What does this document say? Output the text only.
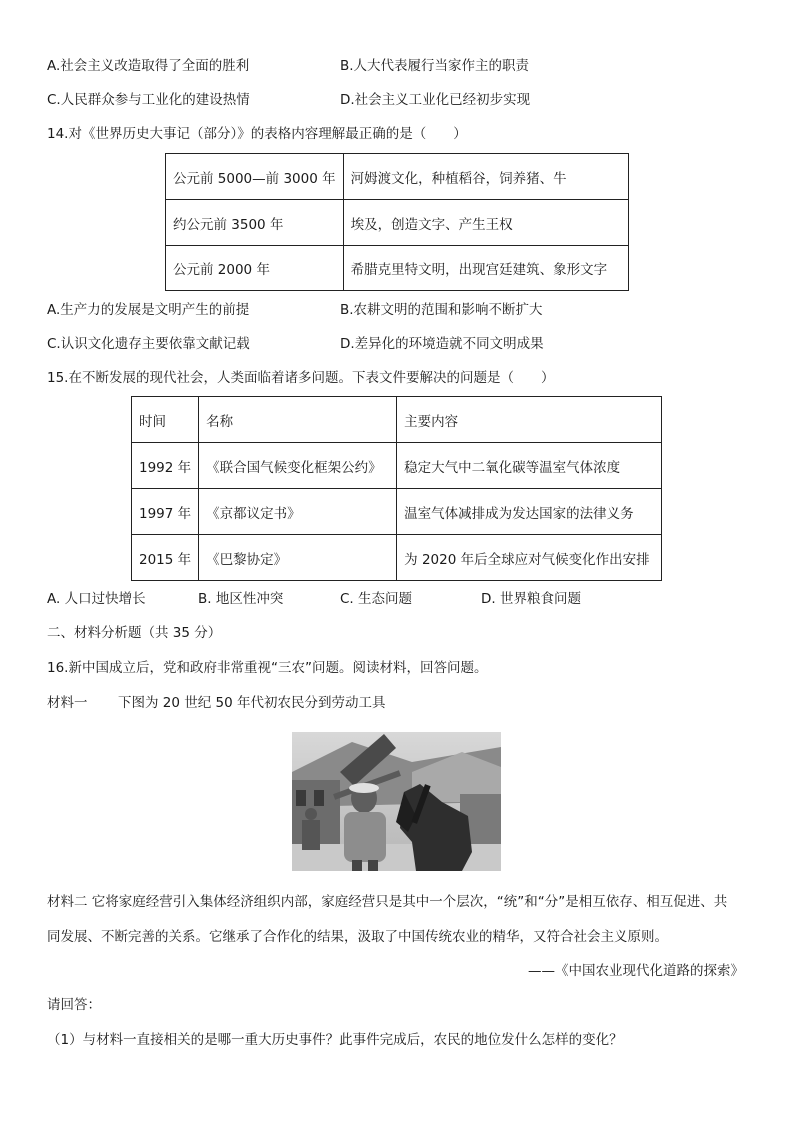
A.社会主义改造取得了全面的胜利	B.人大代表履行当家作主的职责
C.人民群众参与工业化的建设热情	D.社会主义工业化已经初步实现
14.对《世界历史大事记（部分）》的表格内容理解最正确的是（　　）
公元前 5000—前 3000 年	河姆渡文化，种植稻谷，饲养猪、牛
约公元前 3500 年	埃及，创造文字、产生王权
公元前 2000 年	希腊克里特文明，出现宫廷建筑、象形文字
A.生产力的发展是文明产生的前提	B.农耕文明的范围和影响不断扩大
C.认识文化遗存主要依靠文献记载	D.差异化的环境造就不同文明成果
15.在不断发展的现代社会，人类面临着诸多问题。下表文件要解决的问题是（　　）
时间	名称	主要内容
1992 年	《联合国气候变化框架公约》	稳定大气中二氧化碳等温室气体浓度
1997 年	《京都议定书》	温室气体减排成为发达国家的法律义务
2015 年	《巴黎协定》	为 2020 年后全球应对气候变化作出安排
A. 人口过快增长	B. 地区性冲突	C. 生态问题	D. 世界粮食问题
二、材料分析题（共 35 分）
16.新中国成立后，党和政府非常重视“三农”问题。阅读材料，回答问题。
材料一 下图为 20 世纪 50 年代初农民分到劳动工具
材料二 它将家庭经营引入集体经济组织内部，家庭经营只是其中一个层次，“统”和“分”是相互依存、相互促进、共
同发展、不断完善的关系。它继承了合作化的结果，汲取了中国传统农业的精华，又符合社会主义原则。
——《中国农业现代化道路的探索》
请回答：
（1）与材料一直接相关的是哪一重大历史事件？此事件完成后，农民的地位发什么怎样的变化？
